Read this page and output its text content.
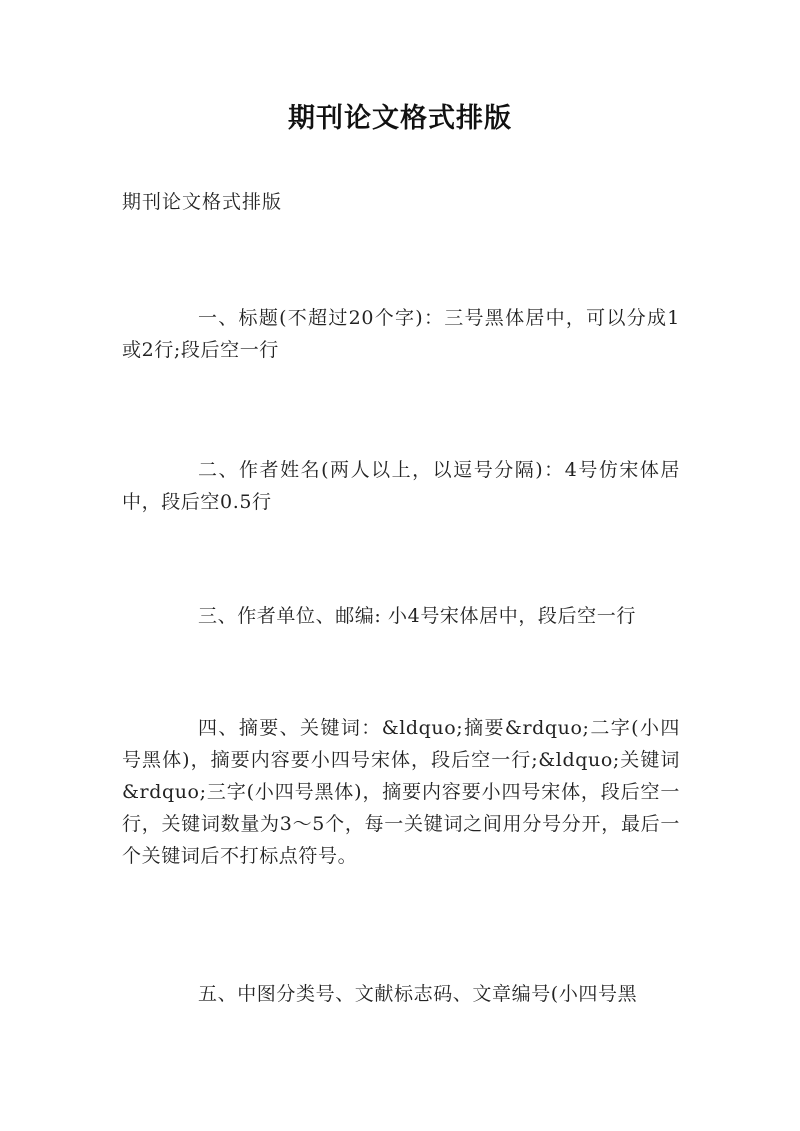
期刊论文格式排版
期刊论文格式排版
一、标题(不超过20个字)：三号黑体居中，可以分成1或2行;段后空一行
二、作者姓名(两人以上，以逗号分隔)：4号仿宋体居中，段后空0.5行
三、作者单位、邮编: 小4号宋体居中，段后空一行
四、摘要、关键词：&ldquo;摘要&rdquo;二字(小四号黑体)，摘要内容要小四号宋体，段后空一行;&ldquo;关键词&rdquo;三字(小四号黑体)，摘要内容要小四号宋体，段后空一行，关键词数量为3～5个，每一关键词之间用分号分开，最后一个关键词后不打标点符号。
五、中图分类号、文献标志码、文章编号(小四号黑
